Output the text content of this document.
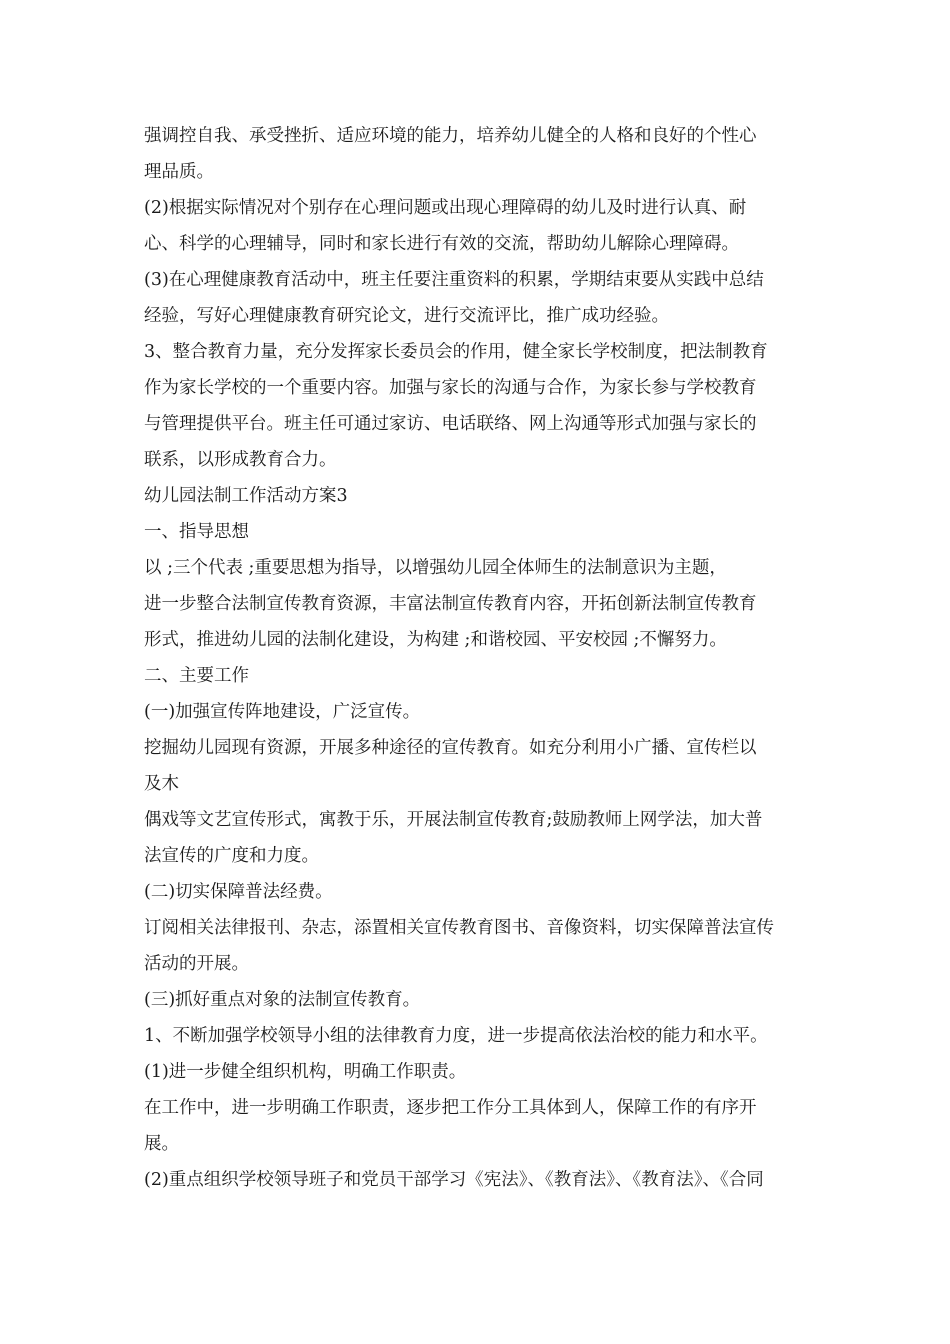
强调控自我、承受挫折、适应环境的能力，培养幼儿健全的人格和良好的个性心
理品质。
(2)根据实际情况对个别存在心理问题或出现心理障碍的幼儿及时进行认真、耐
心、科学的心理辅导，同时和家长进行有效的交流，帮助幼儿解除心理障碍。
(3)在心理健康教育活动中，班主任要注重资料的积累，学期结束要从实践中总结
经验，写好心理健康教育研究论文，进行交流评比，推广成功经验。
3、整合教育力量，充分发挥家长委员会的作用，健全家长学校制度，把法制教育
作为家长学校的一个重要内容。加强与家长的沟通与合作，为家长参与学校教育
与管理提供平台。班主任可通过家访、电话联络、网上沟通等形式加强与家长的
联系，以形成教育合力。
幼儿园法制工作活动方案3
一、指导思想
以 ;三个代表 ;重要思想为指导，以增强幼儿园全体师生的法制意识为主题，
进一步整合法制宣传教育资源，丰富法制宣传教育内容，开拓创新法制宣传教育
形式，推进幼儿园的法制化建设，为构建 ;和谐校园、平安校园 ;不懈努力。
二、主要工作
(一)加强宣传阵地建设，广泛宣传。
挖掘幼儿园现有资源，开展多种途径的宣传教育。如充分利用小广播、宣传栏以
及木
偶戏等文艺宣传形式，寓教于乐，开展法制宣传教育;鼓励教师上网学法，加大普
法宣传的广度和力度。
(二)切实保障普法经费。
订阅相关法律报刊、杂志，添置相关宣传教育图书、音像资料，切实保障普法宣传
活动的开展。
(三)抓好重点对象的法制宣传教育。
1、不断加强学校领导小组的法律教育力度，进一步提高依法治校的能力和水平。
(1)进一步健全组织机构，明确工作职责。
在工作中，进一步明确工作职责，逐步把工作分工具体到人，保障工作的有序开
展。
(2)重点组织学校领导班子和党员干部学习《宪法》、《教育法》、《教育法》、《合同
